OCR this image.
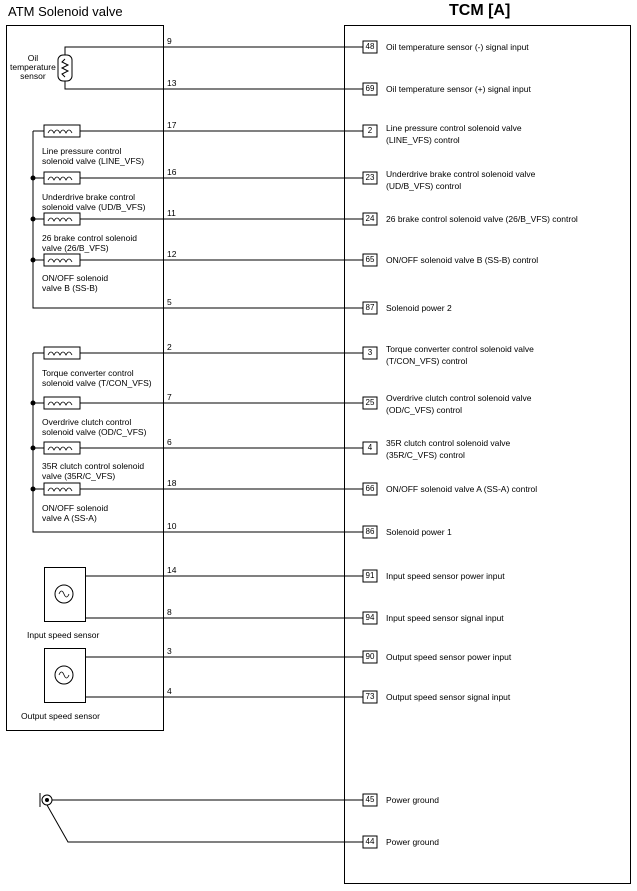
ATM Solenoid valve	TCM [A]
Oil
temperature
sensor
Line pressure control
solenoid valve (LINE_VFS)
Underdrive brake control
solenoid valve (UD/B_VFS)
26 brake control solenoid
valve (26/B_VFS)
ON/OFF solenoid
valve B (SS-B)
Torque converter control
solenoid valve (T/CON_VFS)
Overdrive clutch control
solenoid valve (OD/C_VFS)
35R clutch control solenoid
valve (35R/C_VFS)
ON/OFF solenoid
valve A (SS-A)
Input speed sensor
Output speed sensor
9
13
17
16
11
12
5
2
7
6
18
10
14
8
3
4
48
69
2
23
24
65
87
3
25
4
66
86
91
94
90
73
45
44
Oil temperature sensor (-) signal input
Oil temperature sensor (+) signal input
Line pressure control solenoid valve
(LINE_VFS) control
Underdrive brake control solenoid valve
(UD/B_VFS) control
26 brake control solenoid valve (26/B_VFS) control
ON/OFF solenoid valve B (SS-B) control
Solenoid power 2
Torque converter control solenoid valve
(T/CON_VFS) control
Overdrive clutch control solenoid valve
(OD/C_VFS) control
35R clutch control solenoid valve
(35R/C_VFS) control
ON/OFF solenoid valve A (SS-A) control
Solenoid power 1
Input speed sensor power input
Input speed sensor signal input
Output speed sensor power input
Output speed sensor signal input
Power ground
Power ground
